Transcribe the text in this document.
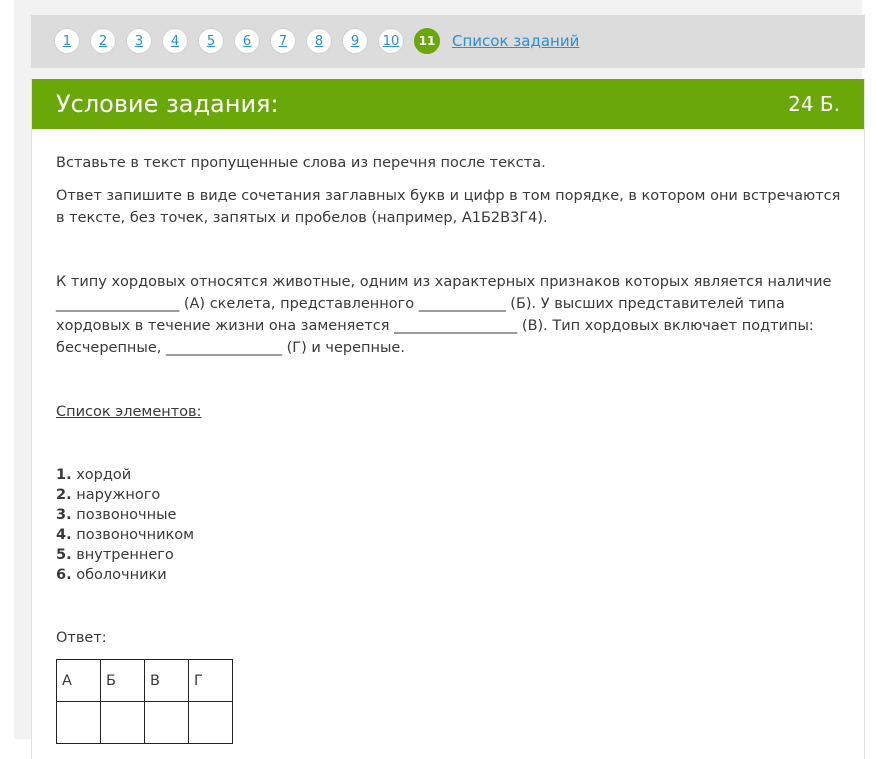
1	2	3	4	5	6	7	8	9	10	11	Список заданий
Условие задания:	24 Б.
Вставьте в текст пропущенные слова из перечня после текста.
Ответ запишите в виде сочетания заглавных букв и цифр в том порядке, в котором они встречаются в тексте, без точек, запятых и пробелов (например, А1Б2В3Г4).
К типу хордовых относятся животные, одним из характерных признаков которых является наличие _________________ (А) скелета, представленного ____________ (Б). У высших представителей типа хордовых в течение жизни она заменяется _________________ (В). Тип хордовых включает подтипы: бесчерепные, ________________ (Г) и черепные.
Список элементов:
1. хордой
2. наружного
3. позвоночные
4. позвоночником
5. внутреннего
6. оболочники
Ответ:
А	Б	В	Г
